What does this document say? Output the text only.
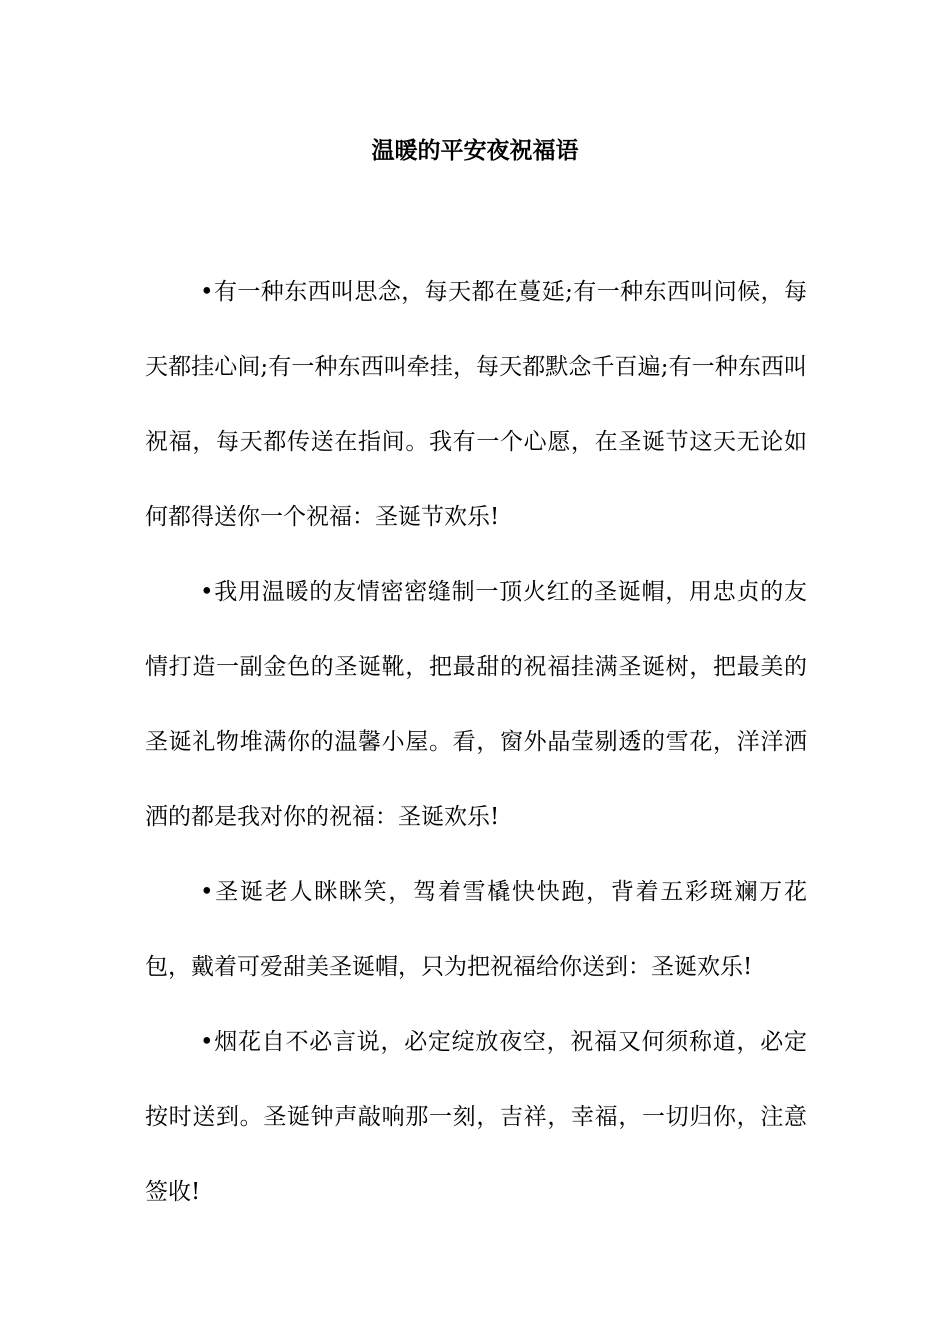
温暖的平安夜祝福语

•有一种东西叫思念，每天都在蔓延;有一种东西叫问候，每天都挂心间;有一种东西叫牵挂，每天都默念千百遍;有一种东西叫祝福，每天都传送在指间。我有一个心愿，在圣诞节这天无论如何都得送你一个祝福：圣诞节欢乐!

•我用温暖的友情密密缝制一顶火红的圣诞帽，用忠贞的友情打造一副金色的圣诞靴，把最甜的祝福挂满圣诞树，把最美的圣诞礼物堆满你的温馨小屋。看，窗外晶莹剔透的雪花，洋洋洒洒的都是我对你的祝福：圣诞欢乐!

•圣诞老人眯眯笑，驾着雪橇快快跑，背着五彩斑斓万花包，戴着可爱甜美圣诞帽，只为把祝福给你送到：圣诞欢乐!

•烟花自不必言说，必定绽放夜空，祝福又何须称道，必定按时送到。圣诞钟声敲响那一刻，吉祥，幸福，一切归你，注意签收!
